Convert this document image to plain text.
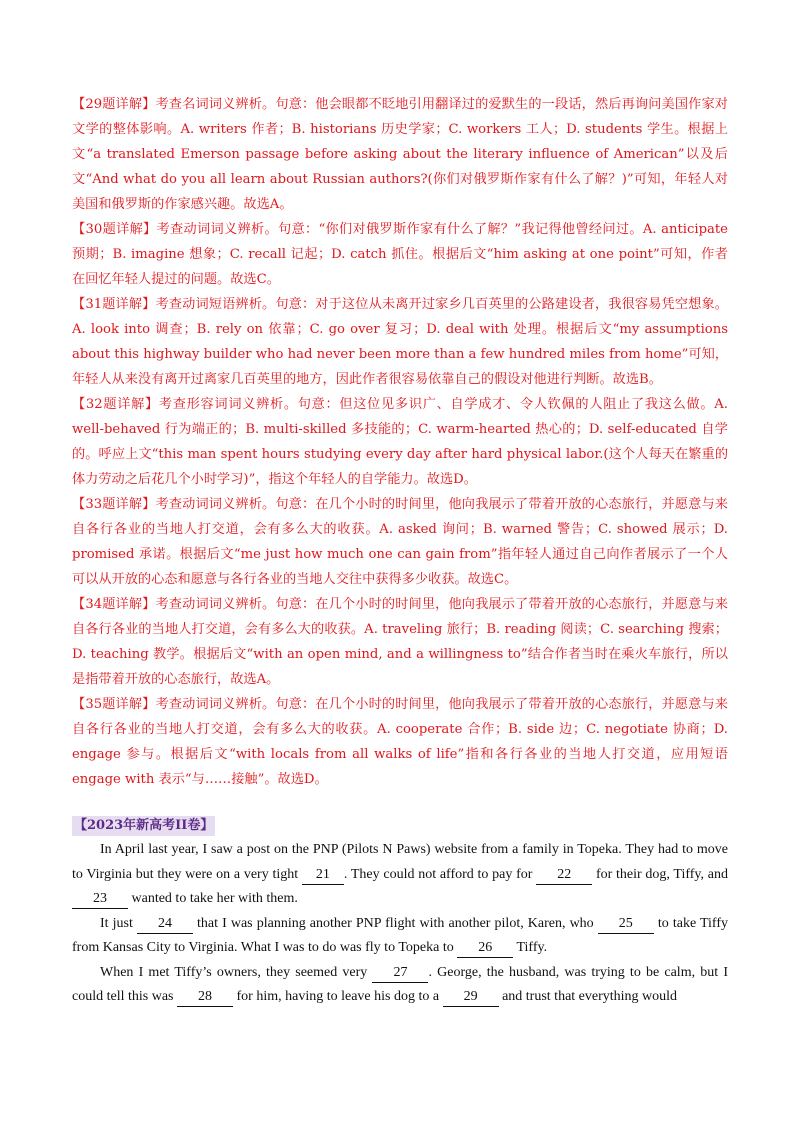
【29题详解】考查名词词义辨析。句意：他会眼都不眨地引用翻译过的爱默生的一段话，然后再询问美国作家对文学的整体影响。A. writers 作者；B. historians 历史学家；C. workers 工人；D. students 学生。根据上文“a translated Emerson passage before asking about the literary influence of American”以及后文“And what do you all learn about Russian authors?(你们对俄罗斯作家有什么了解？)”可知，年轻人对美国和俄罗斯的作家感兴趣。故选A。

【30题详解】考查动词词义辨析。句意：“你们对俄罗斯作家有什么了解？”我记得他曾经问过。A. anticipate 预期；B. imagine 想象；C. recall 记起；D. catch 抓住。根据后文“him asking at one point”可知，作者在回忆年轻人提过的问题。故选C。

【31题详解】考查动词短语辨析。句意：对于这位从未离开过家乡几百英里的公路建设者，我很容易凭空想象。A. look into 调查；B. rely on 依靠；C. go over 复习；D. deal with 处理。根据后文“my assumptions about this highway builder who had never been more than a few hundred miles from home”可知，年轻人从来没有离开过离家几百英里的地方，因此作者很容易依靠自己的假设对他进行判断。故选B。

【32题详解】考查形容词词义辨析。句意：但这位见多识广、自学成才、令人钦佩的人阻止了我这么做。A. well-behaved 行为端正的；B. multi-skilled 多技能的；C. warm-hearted 热心的；D. self-educated 自学的。呼应上文“this man spent hours studying every day after hard physical labor.(这个人每天在繁重的体力劳动之后花几个小时学习)”，指这个年轻人的自学能力。故选D。

【33题详解】考查动词词义辨析。句意：在几个小时的时间里，他向我展示了带着开放的心态旅行，并愿意与来自各行各业的当地人打交道，会有多么大的收获。A. asked 询问；B. warned 警告；C. showed 展示；D. promised 承诺。根据后文“me just how much one can gain from”指年轻人通过自己向作者展示了一个人可以从开放的心态和愿意与各行各业的当地人交往中获得多少收获。故选C。

【34题详解】考查动词词义辨析。句意：在几个小时的时间里，他向我展示了带着开放的心态旅行，并愿意与来自各行各业的当地人打交道，会有多么大的收获。A. traveling 旅行；B. reading 阅读；C. searching 搜索；D. teaching 教学。根据后文“with an open mind, and a willingness to”结合作者当时在乘火车旅行，所以是指带着开放的心态旅行，故选A。

【35题详解】考查动词词义辨析。句意：在几个小时的时间里，他向我展示了带着开放的心态旅行，并愿意与来自各行各业的当地人打交道，会有多么大的收获。A. cooperate 合作；B. side 边；C. negotiate 协商；D. engage 参与。根据后文“with locals from all walks of life”指和各行各业的当地人打交道，应用短语engage with 表示“与……接触”。故选D。

【2023年新高考II卷】

In April last year, I saw a post on the PNP (Pilots N Paws) website from a family in Topeka. They had to move to Virginia but they were on a very tight 21 . They could not afford to pay for 22 for their dog, Tiffy, and 23 wanted to take her with them.

It just 24 that I was planning another PNP flight with another pilot, Karen, who 25 to take Tiffy from Kansas City to Virginia. What I was to do was fly to Topeka to 26 Tiffy.

When I met Tiffy’s owners, they seemed very 27 . George, the husband, was trying to be calm, but I could tell this was 28 for him, having to leave his dog to a 29 and trust that everything would
